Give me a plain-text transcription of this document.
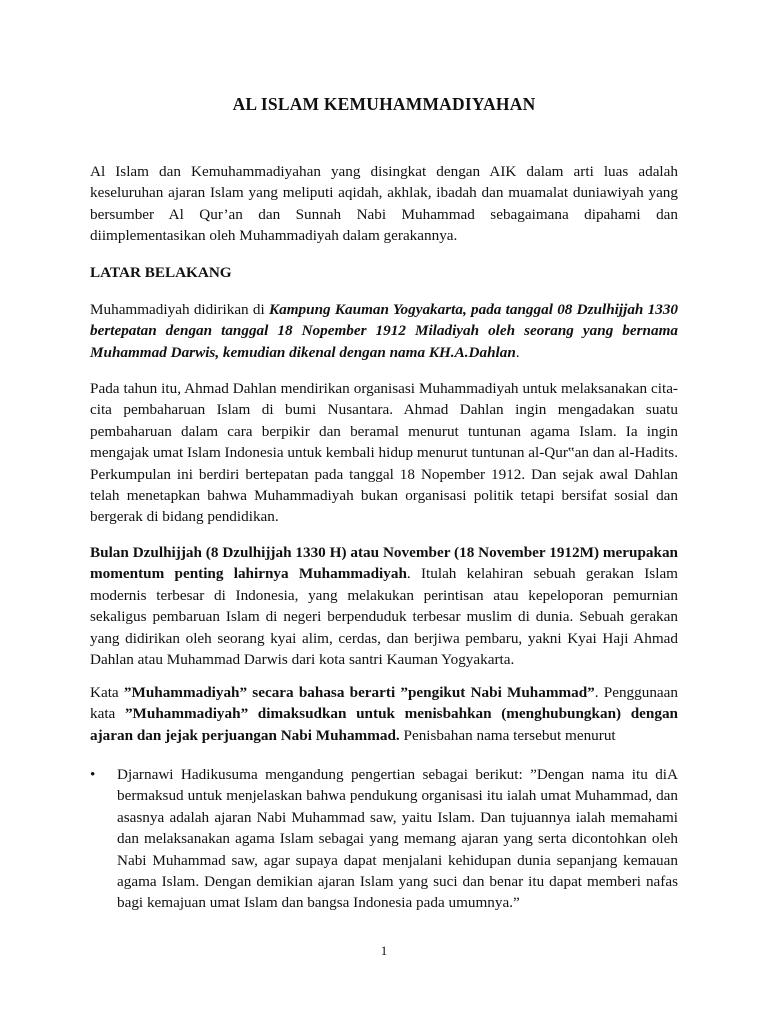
AL ISLAM KEMUHAMMADIYAHAN
Al Islam dan Kemuhammadiyahan yang disingkat dengan AIK dalam arti luas adalah keseluruhan ajaran Islam yang meliputi aqidah, akhlak, ibadah dan muamalat duniawiyah yang bersumber Al Qur’an dan Sunnah Nabi Muhammad sebagaimana dipahami dan diimplementasikan oleh Muhammadiyah dalam gerakannya.
LATAR BELAKANG
Muhammadiyah didirikan di Kampung Kauman Yogyakarta, pada tanggal 08 Dzulhijjah 1330 bertepatan dengan tanggal 18 Nopember 1912 Miladiyah oleh seorang yang bernama Muhammad Darwis, kemudian dikenal dengan nama KH.A.Dahlan.
Pada tahun itu, Ahmad Dahlan mendirikan organisasi Muhammadiyah untuk melaksanakan cita-cita pembaharuan Islam di bumi Nusantara. Ahmad Dahlan ingin mengadakan suatu pembaharuan dalam cara berpikir dan beramal menurut tuntunan agama Islam. Ia ingin mengajak umat Islam Indonesia untuk kembali hidup menurut tuntunan al-Qur‟an dan al-Hadits. Perkumpulan ini berdiri bertepatan pada tanggal 18 Nopember 1912. Dan sejak awal Dahlan telah menetapkan bahwa Muhammadiyah bukan organisasi politik tetapi bersifat sosial dan bergerak di bidang pendidikan.
Bulan Dzulhijjah (8 Dzulhijjah 1330 H) atau November (18 November 1912M) merupakan momentum penting lahirnya Muhammadiyah. Itulah kelahiran sebuah gerakan Islam modernis terbesar di Indonesia, yang melakukan perintisan atau kepeloporan pemurnian sekaligus pembaruan Islam di negeri berpenduduk terbesar muslim di dunia. Sebuah gerakan yang didirikan oleh seorang kyai alim, cerdas, dan berjiwa pembaru, yakni Kyai Haji Ahmad Dahlan atau Muhammad Darwis dari kota santri Kauman Yogyakarta.
Kata ”Muhammadiyah” secara bahasa berarti ”pengikut Nabi Muhammad”. Penggunaan kata ”Muhammadiyah” dimaksudkan untuk menisbahkan (menghubungkan) dengan ajaran dan jejak perjuangan Nabi Muhammad. Penisbahan nama tersebut menurut
• Djarnawi Hadikusuma mengandung pengertian sebagai berikut: ”Dengan nama itu diA bermaksud untuk menjelaskan bahwa pendukung organisasi itu ialah umat Muhammad, dan asasnya adalah ajaran Nabi Muhammad saw, yaitu Islam. Dan tujuannya ialah memahami dan melaksanakan agama Islam sebagai yang memang ajaran yang serta dicontohkan oleh Nabi Muhammad saw, agar supaya dapat menjalani kehidupan dunia sepanjang kemauan agama Islam. Dengan demikian ajaran Islam yang suci dan benar itu dapat memberi nafas bagi kemajuan umat Islam dan bangsa Indonesia pada umumnya.”
1
